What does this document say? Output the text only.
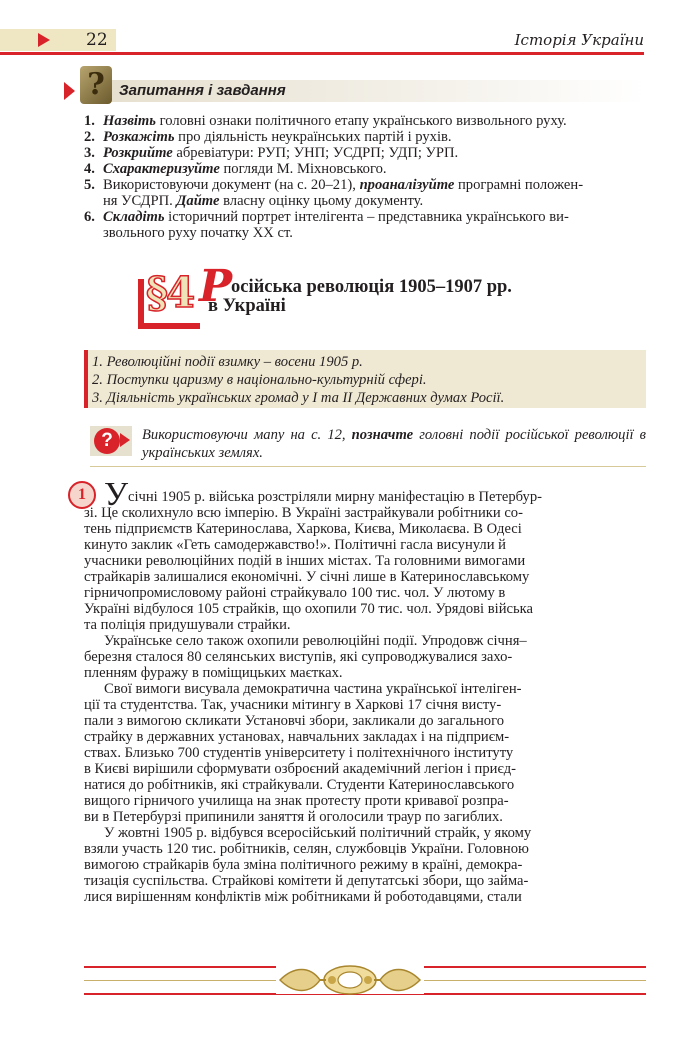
22	Історія України
? Запитання і завдання
1. Назвіть головні ознаки політичного етапу українського визвольного руху.
2. Розкажіть про діяльність неукраїнських партій і рухів.
3. Розкрийте абревіатури: РУП; УНП; УСДРП; УДП; УРП.
4. Схарактеризуйте погляди М. Міхновського.
5. Використовуючи документ (на с. 20–21), проаналізуйте програмні положен-
ня УСДРП. Дайте власну оцінку цьому документу.
6. Складіть історичний портрет інтелігента – представника українського ви-
звольного руху початку ХХ ст.
§4 Р
осійська революція 1905–1907 рр.
в Україні
1. Революційні події взимку – восени 1905 р.
2. Поступки царизму в національно-культурній сфері.
3. Діяльність українських громад у І та ІІ Державних думах Росії.
?	Використовуючи мапу на с. 12, позначте головні події російської революції в українських землях.
1 У січні 1905 р. війська розстріляли мирну маніфестацію в Петербур-
зі. Це сколихнуло всю імперію. В Україні застрайкували робітники со-
тень підприємств Катеринослава, Харкова, Києва, Миколаєва. В Одесі
кинуто заклик «Геть самодержавство!». Політичні гасла висунули й
учасники революційних подій в інших містах. Та головними вимогами
страйкарів залишалися економічні. У січні лише в Катеринославському
гірничопромисловому районі страйкувало 100 тис. чол. У лютому в
Україні відбулося 105 страйків, що охопили 70 тис. чол. Урядові війська
та поліція придушували страйки.
Українське село також охопили революційні події. Упродовж січня–
березня сталося 80 селянських виступів, які супроводжувалися захо-
пленням фуражу в поміщицьких маєтках.
Свої вимоги висувала демократична частина української інтеліген-
ції та студентства. Так, учасники мітингу в Харкові 17 січня висту-
пали з вимогою скликати Установчі збори, закликали до загального
страйку в державних установах, навчальних закладах і на підприєм-
ствах. Близько 700 студентів університету і політехнічного інституту
в Києві вирішили сформувати озброєний академічний легіон і приєд-
натися до робітників, які страйкували. Студенти Катеринославського
вищого гірничого училища на знак протесту проти кривавої розпра-
ви в Петербурзі припинили заняття й оголосили траур по загиблих.
У жовтні 1905 р. відбувся всеросійський політичний страйк, у якому
взяли участь 120 тис. робітників, селян, службовців України. Головною
вимогою страйкарів була зміна політичного режиму в країні, демокра-
тизація суспільства. Страйкові комітети й депутатські збори, що займа-
лися вирішенням конфліктів між робітниками й роботодавцями, стали
